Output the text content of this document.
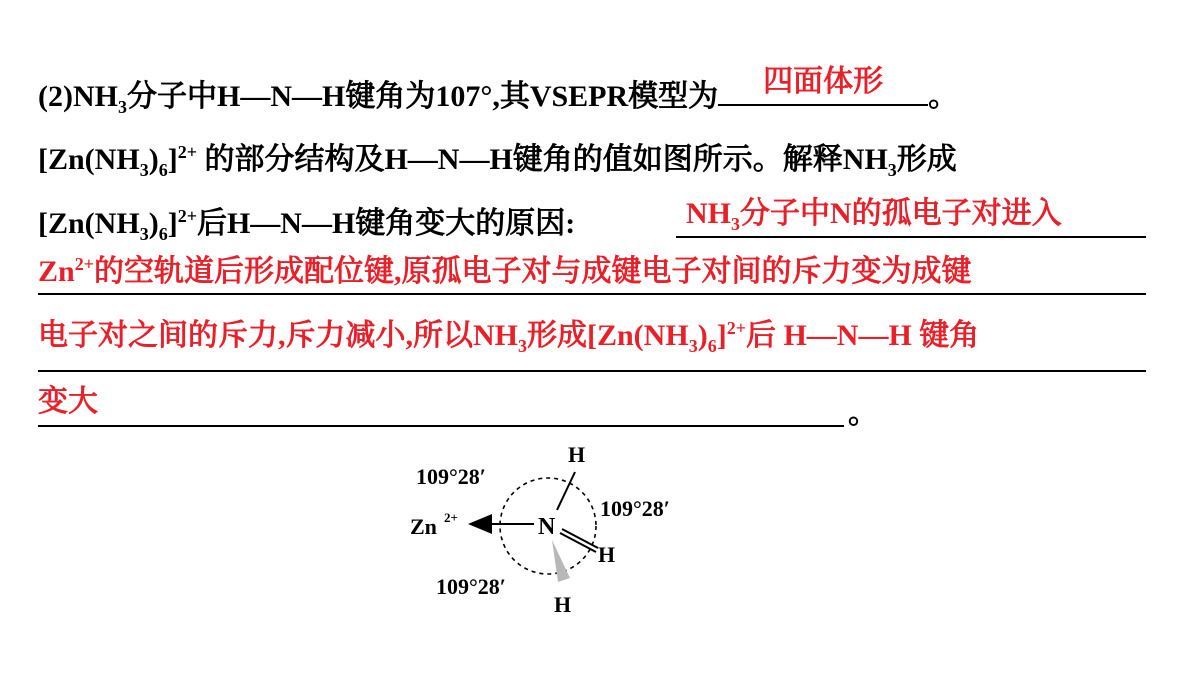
$(2)NH_3$分子中H—N—H键角为107°,其VSEPR模型为	四面体形	。
$[Zn(NH_3)_6]^{2+}$ 的部分结构及H—N—H键角的值如图所示。解释$NH_3$形成
$[Zn(NH_3)_6]^{2+}$后H—N—H键角变大的原因:	$NH_3$分子中N的孤电子对进入
$Zn^{2+}$的空轨道后形成配位键,原孤电子对与成键电子对间的斥力变为成键
电子对之间的斥力,斥力减小,所以$NH_3$形成$[Zn(NH_3)_6]^{2+}$后 H—N—H 键角
变大	。
109°28′
109°28′
109°28′
Zn 2+	N
H
H
H
